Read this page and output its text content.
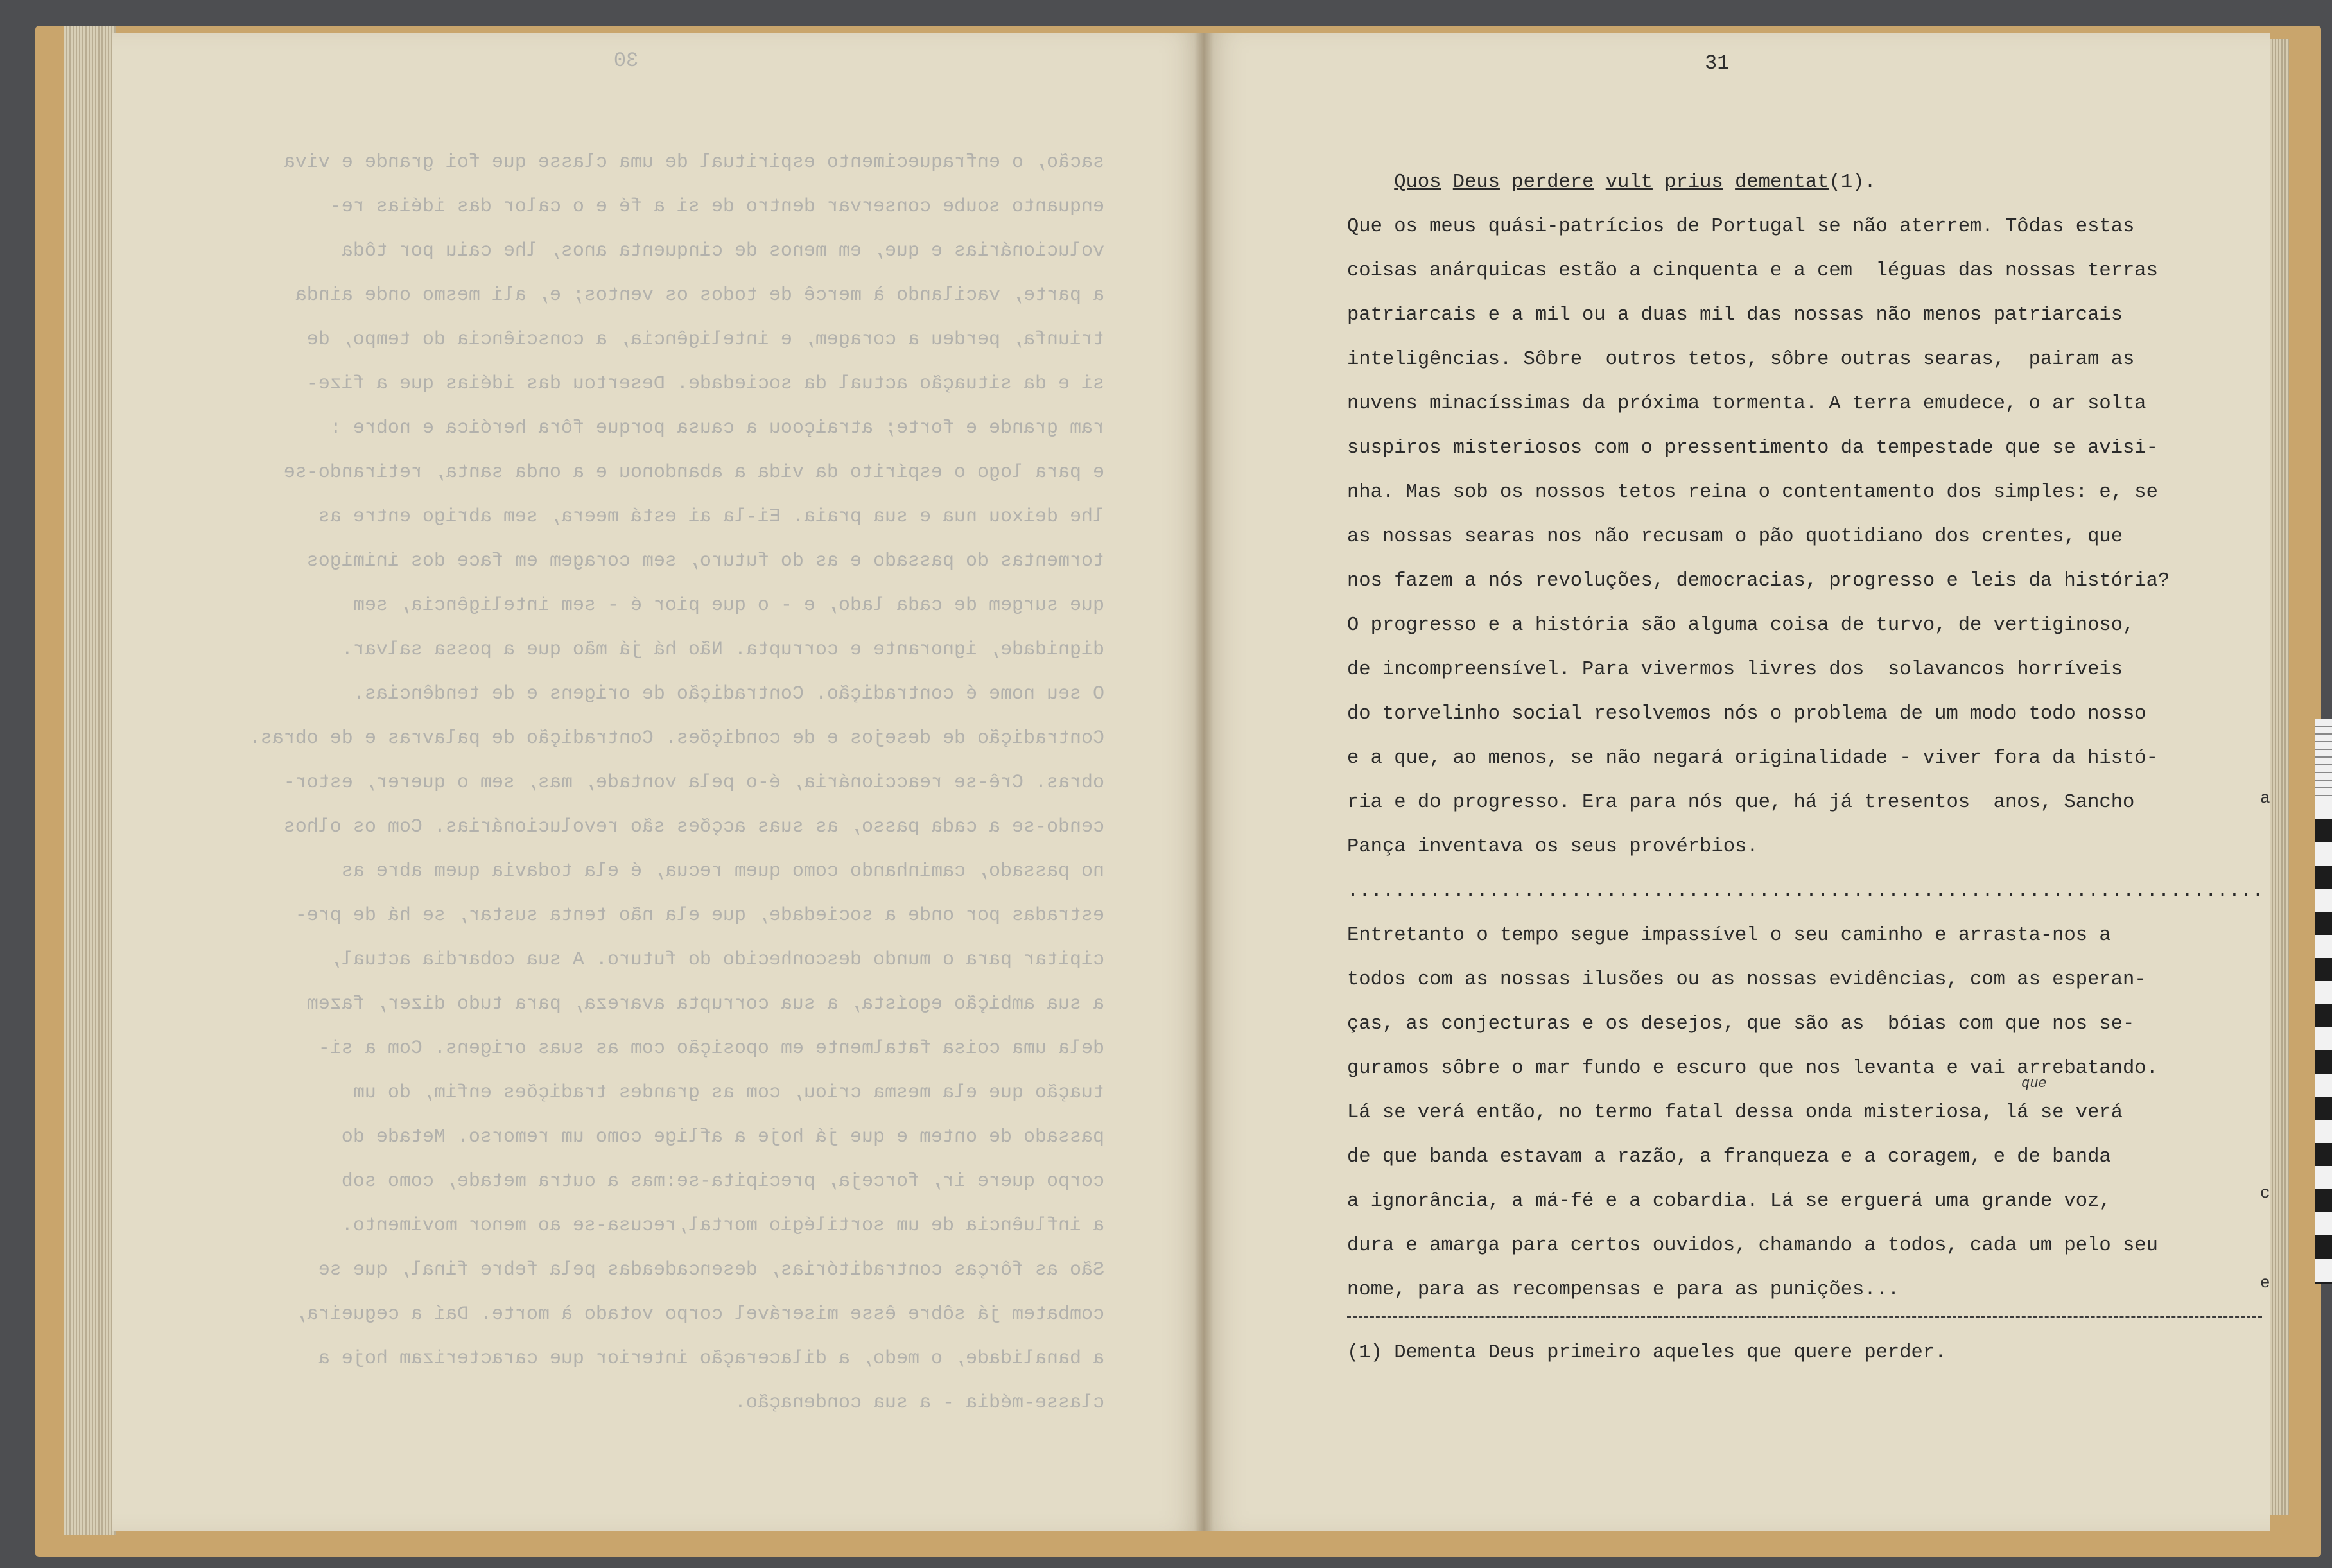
30
sacão, o enfraquecimento espiritual de uma classe que foi grande e viva
enquanto soube conservar dentro de si a fé e o calor das idéias re-
volucionárias e que, em menos de cinquenta anos, lhe caiu por tôda
a parte, vacilando à mercê de todos os ventos; e, ali mesmo onde ainda
triunfa, perdeu a coragem, e inteligência, a consciência do tempo, de
si e da situação actual da sociedade. Desertou das idéias que a fize-
ram grande e forte; atraiçoou a causa porque fôra heróica e nobre :
e para logo o espírito da vida a abandonou e a onda santa, retirando-se
lhe deixou nua e sua praia. Ei-la ai está meera, sem abrigo entre as
tormentas do passado e as do futuro, sem coragem em face dos inimigos
que surgem de cada lado, e - o que pior é - sem inteligência, sem
dignidade, ignorante e corrupta. Não há já mão que a possa salvar.
O seu nome é contradição. Contradição de origens e de tendências.
Contradição de desejos e de condições. Contradição de palavras e de obras.
obras. Crê-se reaccionária, é-o pela vontade, mas, sem o querer, estor-
cendo-se a cada passo, as suas acções são revolucionárias. Com os olhos
no passado, caminhando como quem recua, é ela todavia quem abre as
estradas por onde a sociedade, que ela não tenta sustar, se há de pre-
cipitar para o mundo desconhecido do futuro. A sua cobardia actual,
a sua ambição egoísta, a sua corrupta avareza, para tudo dizer, fazem
dela uma coisa fatalmente em oposição com as suas origens. Com a si-
tuação que ela mesma criou, com as grandes tradições enfim, do um
passado de ontem e que já hoje a aflige como um remorso. Metade do
corpo quere ir, forceja, precipita-se:mas a outra metade, como sob
a influência de um sortilégio mortal,recusa-se ao menor movimento.
São as fôrças contraditórias, desencadeadas pela febre final, que se
combatem já sôbre êsse miserável corpo votado à morte. Daí a cegueira,
a banalidade, o medo, a dilaceração interior que caracterizam hoje a
classe-média - a sua condenação.
31
Quos Deus perdere vult prius dementat(1).
Que os meus quási-patrícios de Portugal se não aterrem. Tôdas estas
coisas anárquicas estão a cinquenta e a cem  léguas das nossas terras
patriarcais e a mil ou a duas mil das nossas não menos patriarcais
inteligências. Sôbre  outros tetos, sôbre outras searas,  pairam as
nuvens minacíssimas da próxima tormenta. A terra emudece, o ar solta
suspiros misteriosos com o pressentimento da tempestade que se avisi-
nha. Mas sob os nossos tetos reina o contentamento dos simples: e, se
as nossas searas nos não recusam o pão quotidiano dos crentes, que
nos fazem a nós revoluções, democracias, progresso e leis da história?
O progresso e a história são alguma coisa de turvo, de vertiginoso,
de incompreensível. Para vivermos livres dos  solavancos horríveis
do torvelinho social resolvemos nós o problema de um modo todo nosso
e a que, ao menos, se não negará originalidade - viver fora da histó-
ria e do progresso. Era para nós que, há já tresentos  anos, Sancho
Pança inventava os seus provérbios.
..............................................................................
Entretanto o tempo segue impassível o seu caminho e arrasta-nos a
todos com as nossas ilusões ou as nossas evidências, com as esperan-
ças, as conjecturas e os desejos, que são as  bóias com que nos se-
guramos sôbre o mar fundo e escuro que nos levanta e vai arrebatando.
Lá se verá então, no termo fatal dessa onda misteriosa, lá se verá
de que banda estavam a razão, a franqueza e a coragem, e de banda
a ignorância, a má-fé e a cobardia. Lá se erguerá uma grande voz,
dura e amarga para certos ouvidos, chamando a todos, cada um pelo seu
nome, para as recompensas e para as punições...
que
(1) Dementa Deus primeiro aqueles que quere perder.
a
c
e
